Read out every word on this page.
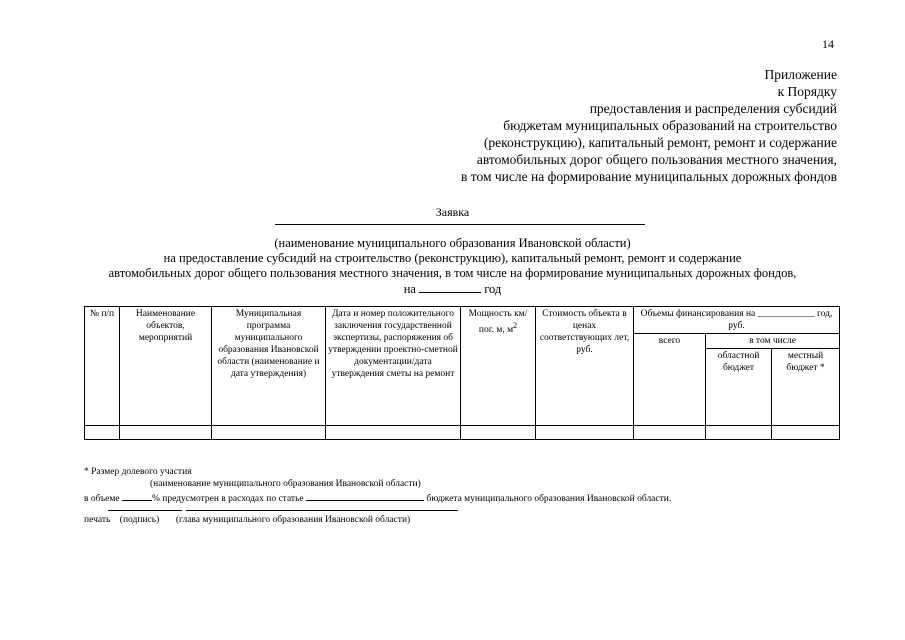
14
Приложение
к Порядку
предоставления и распределения субсидий
бюджетам муниципальных образований на строительство
(реконструкцию), капитальный ремонт, ремонт и содержание
автомобильных дорог общего пользования местного значения,
в том числе на формирование муниципальных дорожных фондов
Заявка
(наименование муниципального образования Ивановской области)
на предоставление субсидий на строительство (реконструкцию), капитальный ремонт, ремонт и содержание
автомобильных дорог общего пользования местного значения, в том числе на формирование муниципальных дорожных фондов,
на	год
№ п/п	Наименование объектов, мероприятий	Муниципальная программа муниципального образования Ивановской области (наименование и дата утверждения)	Дата и номер положительного заключения государственной экспертизы, распоряжения об утверждении проектно-сметной документации/дата утверждения сметы на ремонт	Мощность км/пог. м, $м^2$	Стоимость объекта в ценах соответствующих лет, руб.	Объемы финансирования на ____________ год, руб.		
						всего	в том числе	
							областной бюджет	местный бюджет *

* Размер долевого участия
(наименование муниципального образования Ивановской области)
в объеме	% предусмотрен в расходах по статье	бюджета муниципального образования Ивановской области.
печать (подпись) (глава муниципального образования Ивановской области)
